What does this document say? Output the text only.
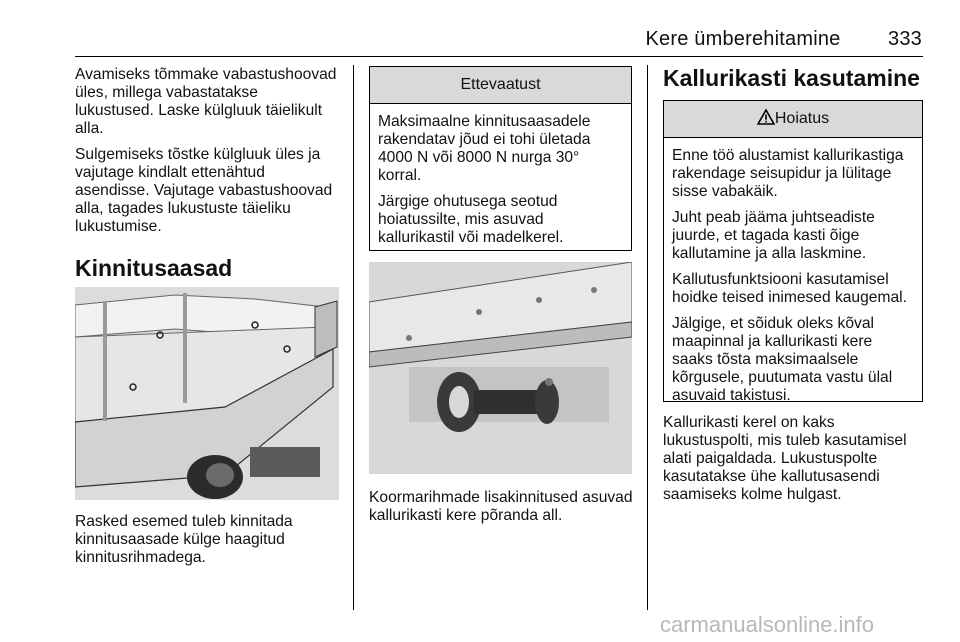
Kere ümberehitamine 333

Avamiseks tõmmake vabastushoovad üles, millega vabastatakse lukustused. Laske külgluuk täielikult alla.

Sulgemiseks tõstke külgluuk üles ja vajutage kindlalt ettenähtud asendisse. Vajutage vabastushoovad alla, tagades lukustuste täieliku lukustumise.

Kinnitusaasad

Rasked esemed tuleb kinnitada kinnitusaasade külge haagitud kinnitusrihmadega.

Ettevaatust

Maksimaalne kinnitusaasadele rakendatav jõud ei tohi ületada 4000 N või 8000 N nurga 30° korral.

Järgige ohutusega seotud hoiatussilte, mis asuvad kallurikastil või madelkerel.

Koormarihmade lisakinnitused asuvad kallurikasti kere põranda all.

Kallurikasti kasutamine
Hoiatus

Enne töö alustamist kallurikastiga rakendage seisupidur ja lülitage sisse vabakäik.

Juht peab jääma juhtseadiste juurde, et tagada kasti õige kallutamine ja alla laskmine.

Kallutusfunktsiooni kasutamisel hoidke teised inimesed kaugemal.

Jälgige, et sõiduk oleks kõval maapinnal ja kallurikasti kere saaks tõsta maksimaalsele kõrgusele, puutumata vastu ülal asuvaid takistusi.

Kallurikasti kerel on kaks lukustuspolti, mis tuleb kasutamisel alati paigaldada. Lukustuspolte kasutatakse ühe kallutusasendi saamiseks kolme hulgast.

carmanualsonline.info
